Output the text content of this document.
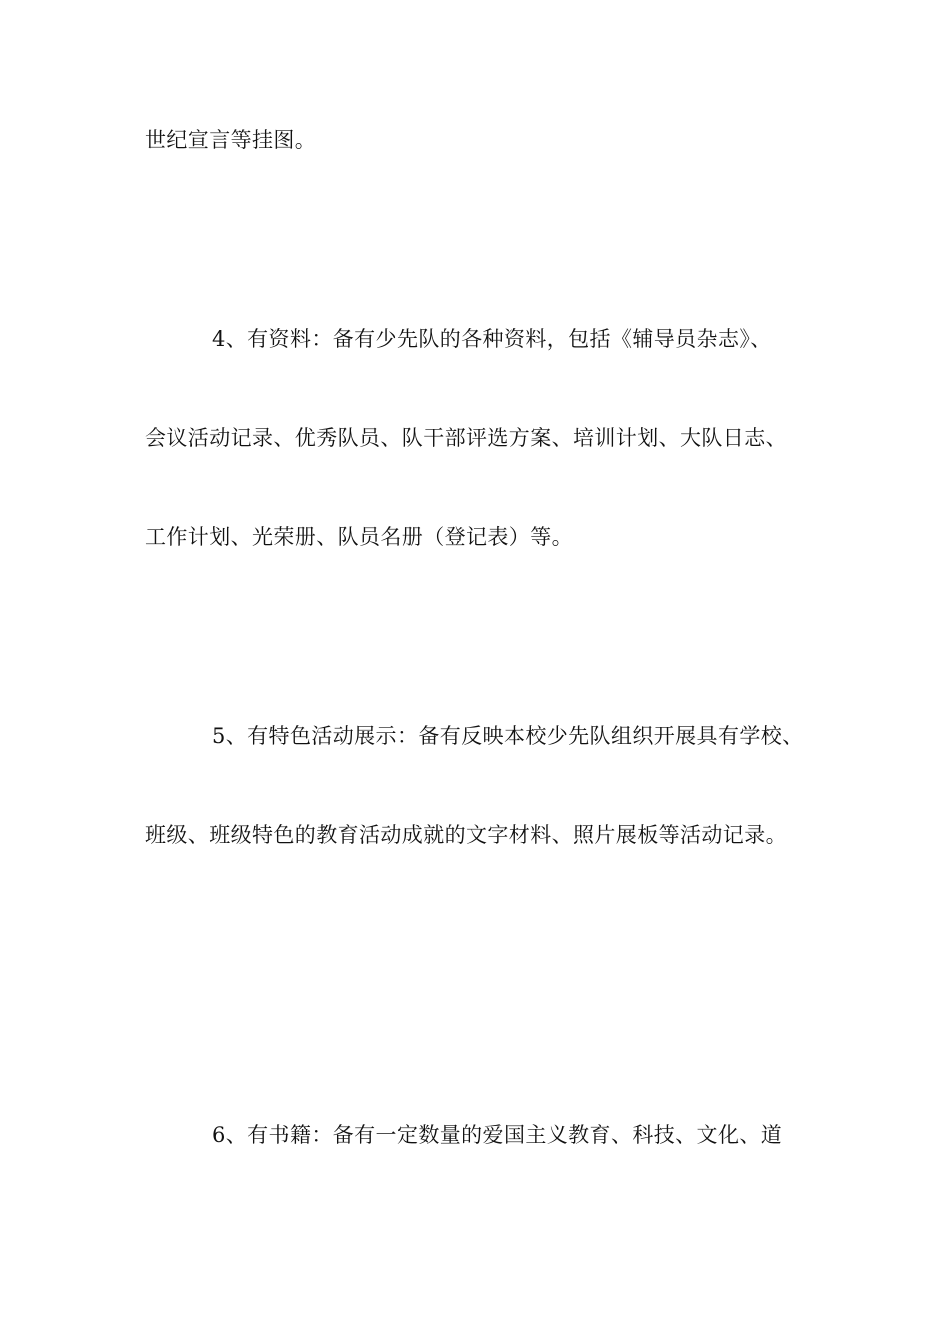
世纪宣言等挂图。
4、有资料：备有少先队的各种资料，包括《辅导员杂志》、
会议活动记录、优秀队员、队干部评选方案、培训计划、大队日志、
工作计划、光荣册、队员名册（登记表）等。
5、有特色活动展示：备有反映本校少先队组织开展具有学校、
班级、班级特色的教育活动成就的文字材料、照片展板等活动记录。
6、有书籍：备有一定数量的爱国主义教育、科技、文化、道
